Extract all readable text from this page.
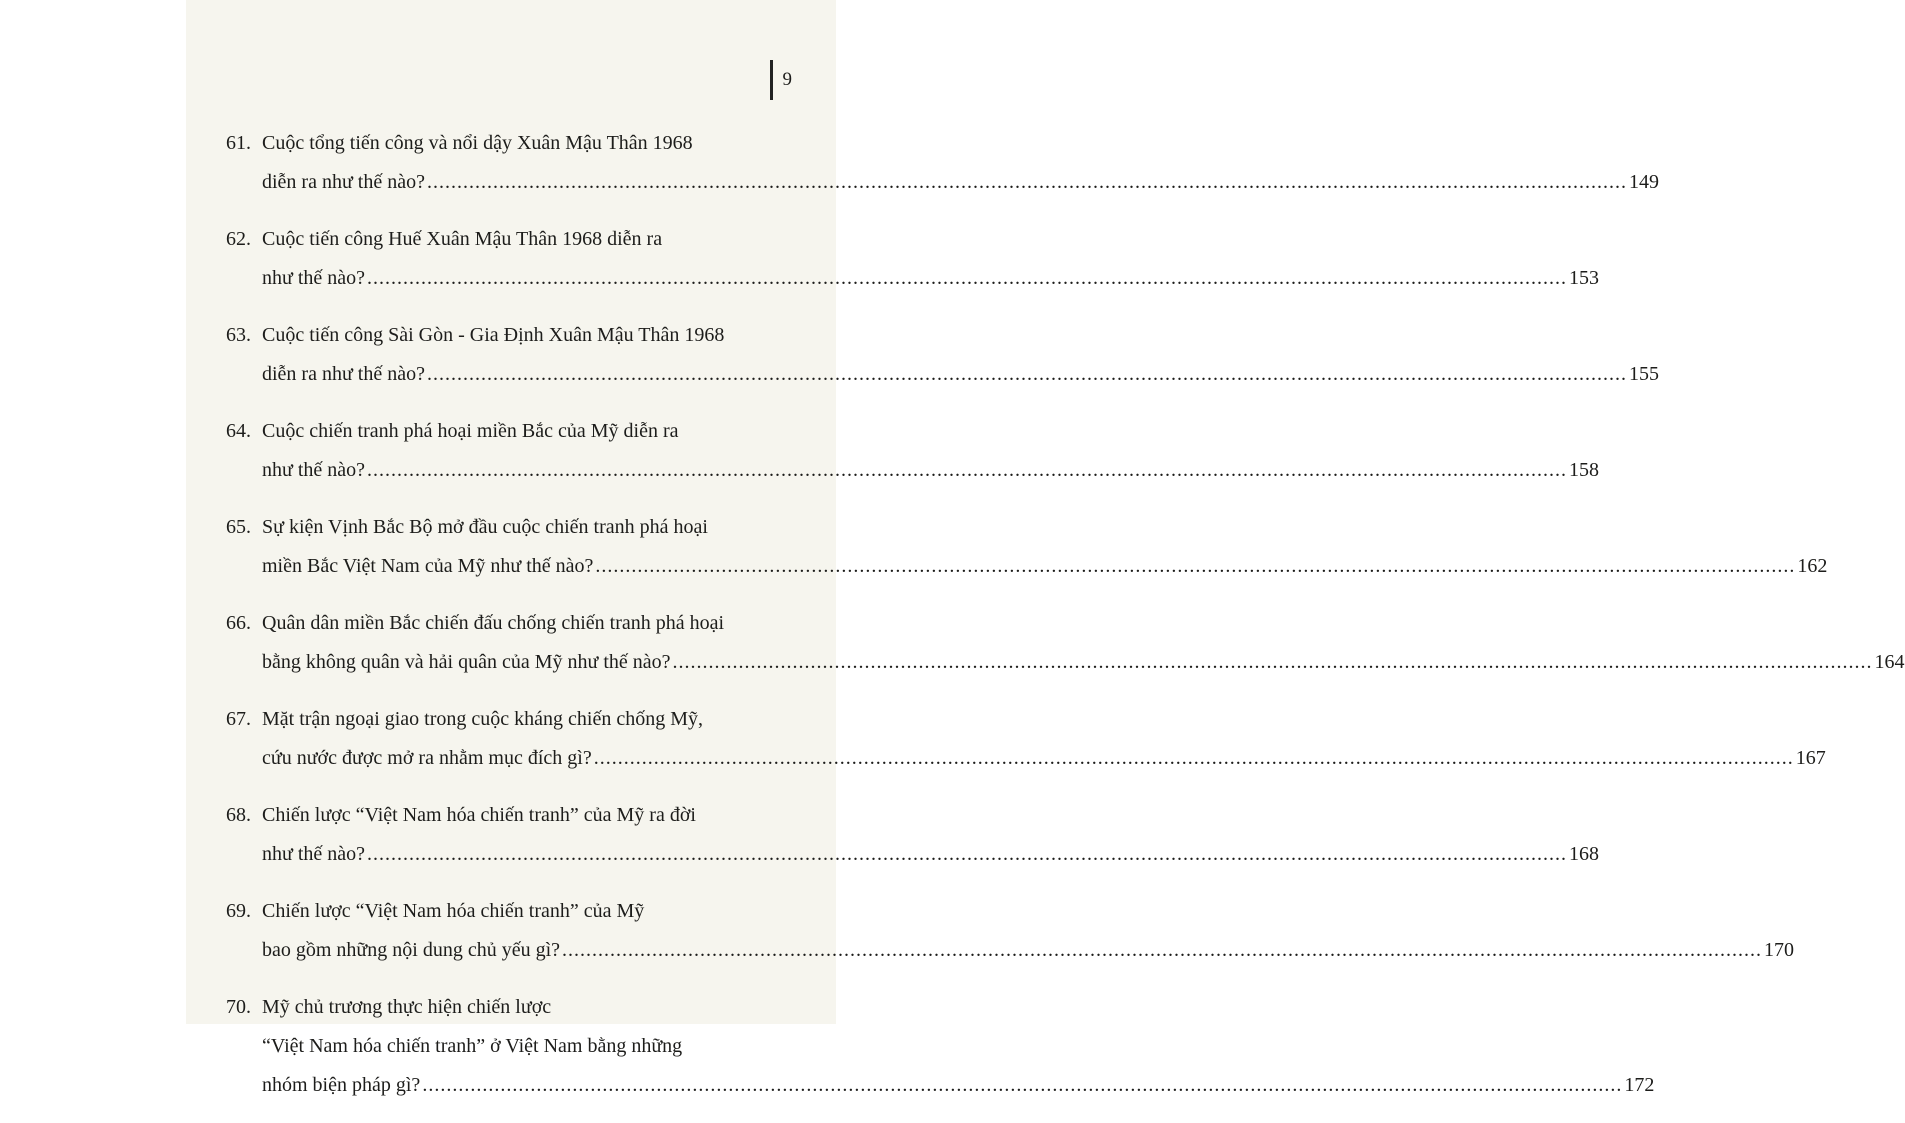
9
61. Cuộc tổng tiến công và nổi dậy Xuân Mậu Thân 1968
diễn ra như thế nào? ........................................................................................................................................................................................................ 149
62. Cuộc tiến công Huế Xuân Mậu Thân 1968 diễn ra
như thế nào? ........................................................................................................................................................................................................ 153
63. Cuộc tiến công Sài Gòn - Gia Định Xuân Mậu Thân 1968
diễn ra như thế nào? ........................................................................................................................................................................................................ 155
64. Cuộc chiến tranh phá hoại miền Bắc của Mỹ diễn ra
như thế nào? ........................................................................................................................................................................................................ 158
65. Sự kiện Vịnh Bắc Bộ mở đầu cuộc chiến tranh phá hoại
miền Bắc Việt Nam của Mỹ như thế nào? ........................................................................................................................................................................................................ 162
66. Quân dân miền Bắc chiến đấu chống chiến tranh phá hoại
bằng không quân và hải quân của Mỹ như thế nào? ........................................................................................................................................................................................................ 164
67. Mặt trận ngoại giao trong cuộc kháng chiến chống Mỹ,
cứu nước được mở ra nhằm mục đích gì? ........................................................................................................................................................................................................ 167
68. Chiến lược “Việt Nam hóa chiến tranh” của Mỹ ra đời
như thế nào? ........................................................................................................................................................................................................ 168
69. Chiến lược “Việt Nam hóa chiến tranh” của Mỹ
bao gồm những nội dung chủ yếu gì? ........................................................................................................................................................................................................ 170
70. Mỹ chủ trương thực hiện chiến lược
“Việt Nam hóa chiến tranh” ở Việt Nam bằng những
nhóm biện pháp gì? ........................................................................................................................................................................................................ 172
